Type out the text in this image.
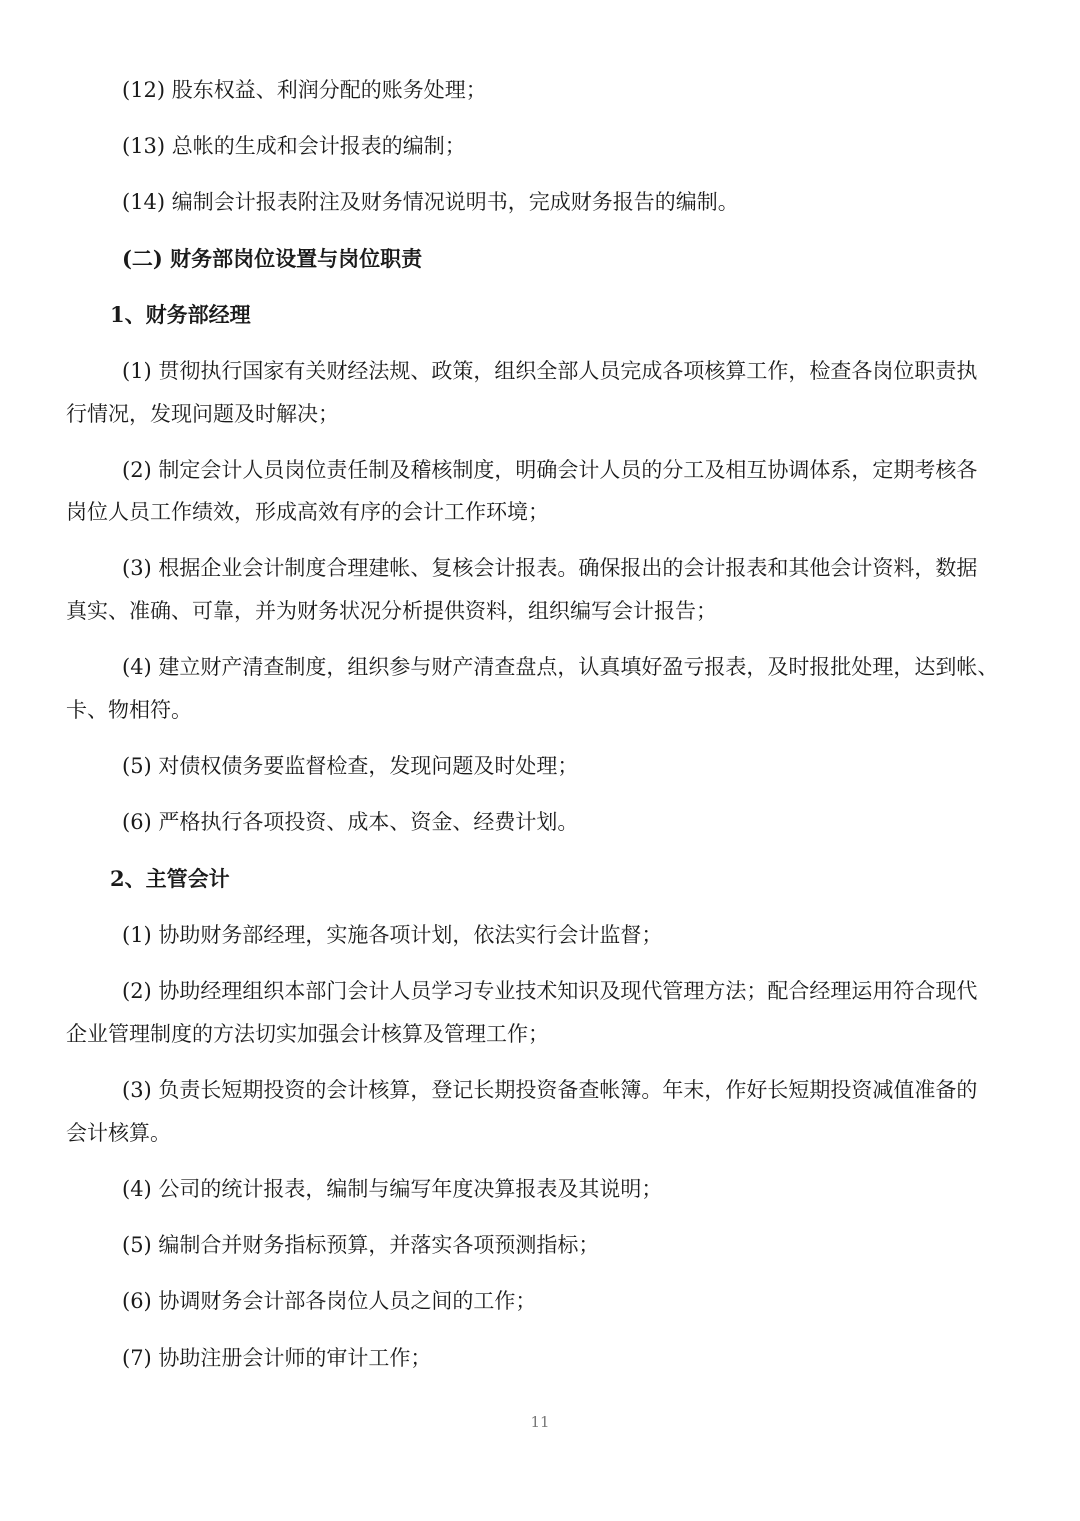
(12) 股东权益、利润分配的账务处理；
(13) 总帐的生成和会计报表的编制；
(14) 编制会计报表附注及财务情况说明书，完成财务报告的编制。
(二) 财务部岗位设置与岗位职责
1、财务部经理
(1) 贯彻执行国家有关财经法规、政策，组织全部人员完成各项核算工作，检查各岗位职责执
行情况，发现问题及时解决；
(2) 制定会计人员岗位责任制及稽核制度，明确会计人员的分工及相互协调体系，定期考核各
岗位人员工作绩效，形成高效有序的会计工作环境；
(3) 根据企业会计制度合理建帐、复核会计报表。确保报出的会计报表和其他会计资料，数据
真实、准确、可靠，并为财务状况分析提供资料，组织编写会计报告；
(4) 建立财产清查制度，组织参与财产清查盘点，认真填好盈亏报表，及时报批处理，达到帐、
卡、物相符。
(5) 对债权债务要监督检查，发现问题及时处理；
(6) 严格执行各项投资、成本、资金、经费计划。
2、主管会计
(1) 协助财务部经理，实施各项计划，依法实行会计监督；
(2) 协助经理组织本部门会计人员学习专业技术知识及现代管理方法；配合经理运用符合现代
企业管理制度的方法切实加强会计核算及管理工作；
(3) 负责长短期投资的会计核算，登记长期投资备查帐簿。年末，作好长短期投资减值准备的
会计核算。
(4) 公司的统计报表，编制与编写年度决算报表及其说明；
(5) 编制合并财务指标预算，并落实各项预测指标；
(6) 协调财务会计部各岗位人员之间的工作；
(7) 协助注册会计师的审计工作；
11
